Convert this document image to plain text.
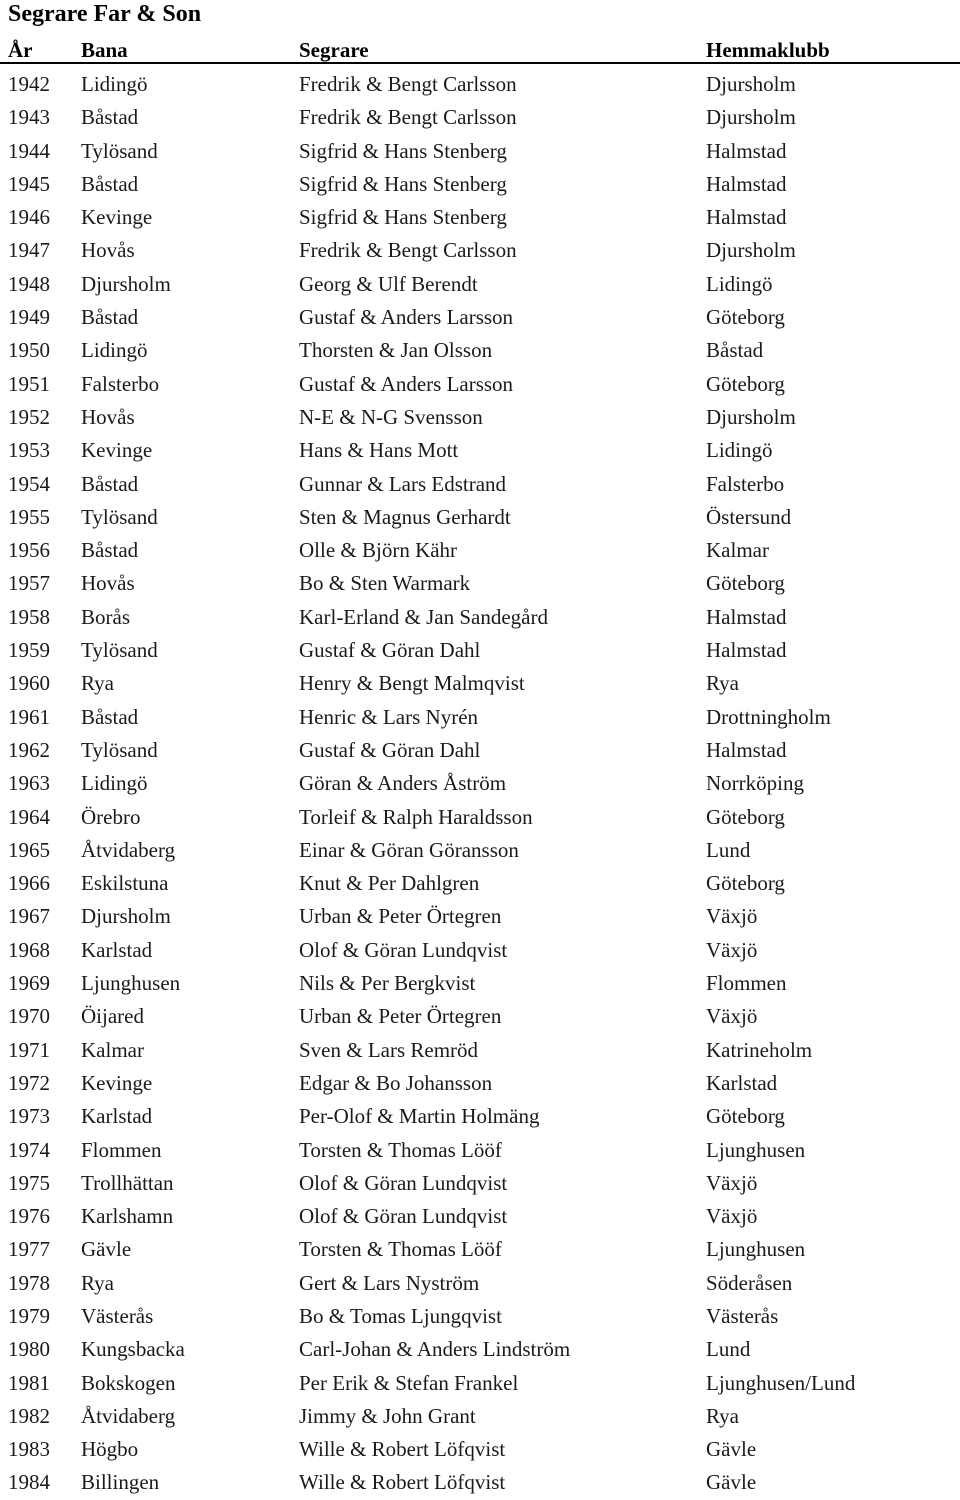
Segrare Far & Son
År Bana	Segrare	Hemmaklubb
1942 Lidingö	Fredrik & Bengt Carlsson	Djursholm
1943 Båstad	Fredrik & Bengt Carlsson	Djursholm
1944 Tylösand	Sigfrid & Hans Stenberg	Halmstad
1945 Båstad	Sigfrid & Hans Stenberg	Halmstad
1946 Kevinge	Sigfrid & Hans Stenberg	Halmstad
1947 Hovås	Fredrik & Bengt Carlsson	Djursholm
1948 Djursholm	Georg & Ulf Berendt	Lidingö
1949 Båstad	Gustaf & Anders Larsson	Göteborg
1950 Lidingö	Thorsten & Jan Olsson	Båstad
1951 Falsterbo	Gustaf & Anders Larsson	Göteborg
1952 Hovås	N-E & N-G Svensson	Djursholm
1953 Kevinge	Hans & Hans Mott	Lidingö
1954 Båstad	Gunnar & Lars Edstrand	Falsterbo
1955 Tylösand	Sten & Magnus Gerhardt	Östersund
1956 Båstad	Olle & Björn Kähr	Kalmar
1957 Hovås	Bo & Sten Warmark	Göteborg
1958 Borås	Karl-Erland & Jan Sandegård	Halmstad
1959 Tylösand	Gustaf & Göran Dahl	Halmstad
1960 Rya	Henry & Bengt Malmqvist	Rya
1961 Båstad	Henric & Lars Nyrén	Drottningholm
1962 Tylösand	Gustaf & Göran Dahl	Halmstad
1963 Lidingö	Göran & Anders Åström	Norrköping
1964 Örebro	Torleif & Ralph Haraldsson	Göteborg
1965 Åtvidaberg	Einar & Göran Göransson	Lund
1966 Eskilstuna	Knut & Per Dahlgren	Göteborg
1967 Djursholm	Urban & Peter Örtegren	Växjö
1968 Karlstad	Olof & Göran Lundqvist	Växjö
1969 Ljunghusen	Nils & Per Bergkvist	Flommen
1970 Öijared	Urban & Peter Örtegren	Växjö
1971 Kalmar	Sven & Lars Remröd	Katrineholm
1972 Kevinge	Edgar & Bo Johansson	Karlstad
1973 Karlstad	Per-Olof & Martin Holmäng	Göteborg
1974 Flommen	Torsten & Thomas Lööf	Ljunghusen
1975 Trollhättan	Olof & Göran Lundqvist	Växjö
1976 Karlshamn	Olof & Göran Lundqvist	Växjö
1977 Gävle	Torsten & Thomas Lööf	Ljunghusen
1978 Rya	Gert & Lars Nyström	Söderåsen
1979 Västerås	Bo & Tomas Ljungqvist	Västerås
1980 Kungsbacka	Carl-Johan & Anders Lindström	Lund
1981 Bokskogen	Per Erik & Stefan Frankel	Ljunghusen/Lund
1982 Åtvidaberg	Jimmy & John Grant	Rya
1983 Högbo	Wille & Robert Löfqvist	Gävle
1984 Billingen	Wille & Robert Löfqvist	Gävle
